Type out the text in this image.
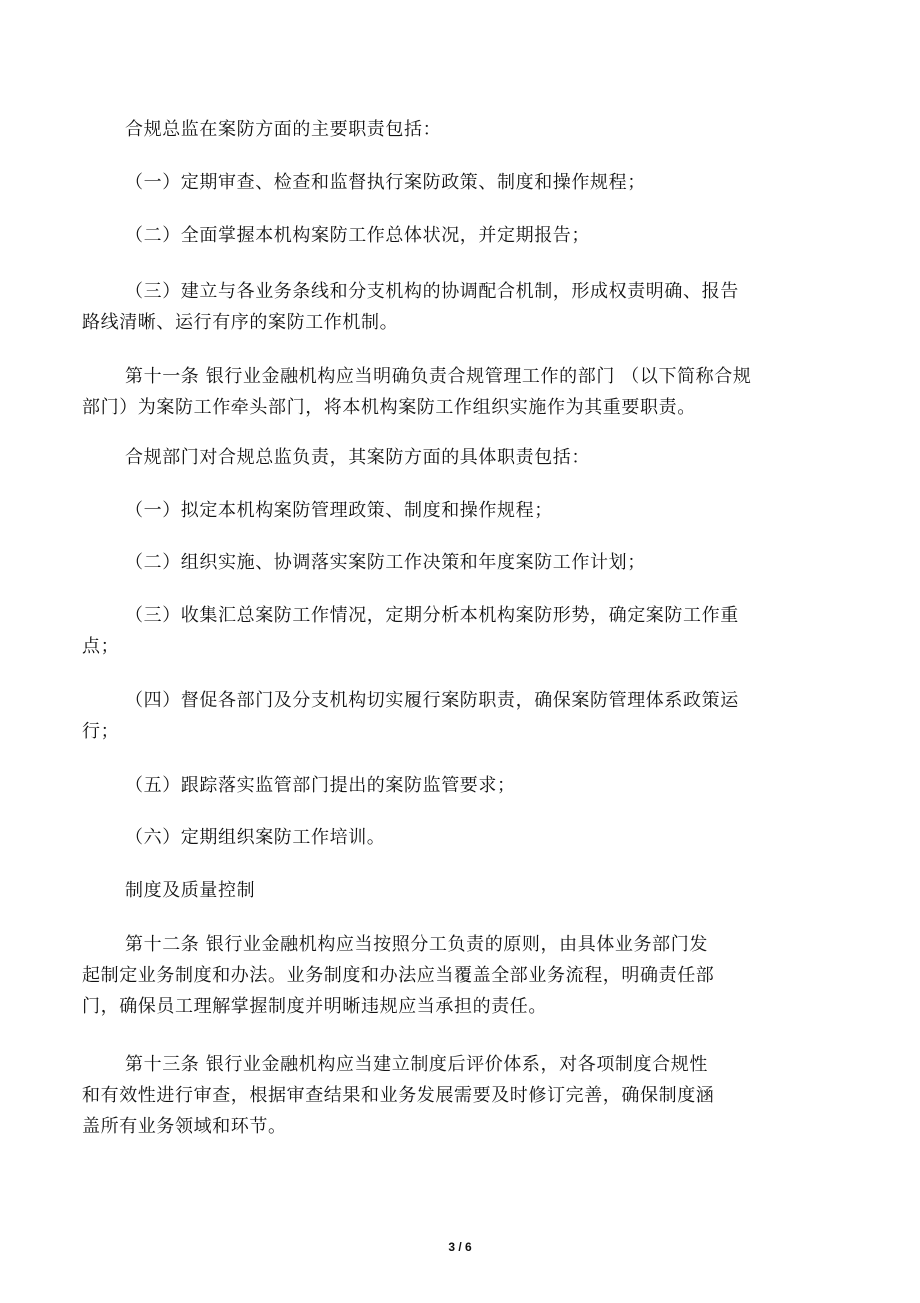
合规总监在案防方面的主要职责包括：
（一）定期审查、检查和监督执行案防政策、制度和操作规程；
（二）全面掌握本机构案防工作总体状况，并定期报告；
（三）建立与各业务条线和分支机构的协调配合机制，形成权责明确、报告
路线清晰、运行有序的案防工作机制。
第十一条 银行业金融机构应当明确负责合规管理工作的部门 （以下简称合规
部门）为案防工作牵头部门，将本机构案防工作组织实施作为其重要职责。
合规部门对合规总监负责，其案防方面的具体职责包括：
（一）拟定本机构案防管理政策、制度和操作规程；
（二）组织实施、协调落实案防工作决策和年度案防工作计划；
（三）收集汇总案防工作情况，定期分析本机构案防形势，确定案防工作重
点；
（四）督促各部门及分支机构切实履行案防职责，确保案防管理体系政策运
行；
（五）跟踪落实监管部门提出的案防监管要求；
（六）定期组织案防工作培训。
制度及质量控制
第十二条 银行业金融机构应当按照分工负责的原则，由具体业务部门发
起制定业务制度和办法。业务制度和办法应当覆盖全部业务流程，明确责任部
门，确保员工理解掌握制度并明晰违规应当承担的责任。
第十三条 银行业金融机构应当建立制度后评价体系，对各项制度合规性
和有效性进行审查，根据审查结果和业务发展需要及时修订完善，确保制度涵
盖所有业务领域和环节。
3 / 6
